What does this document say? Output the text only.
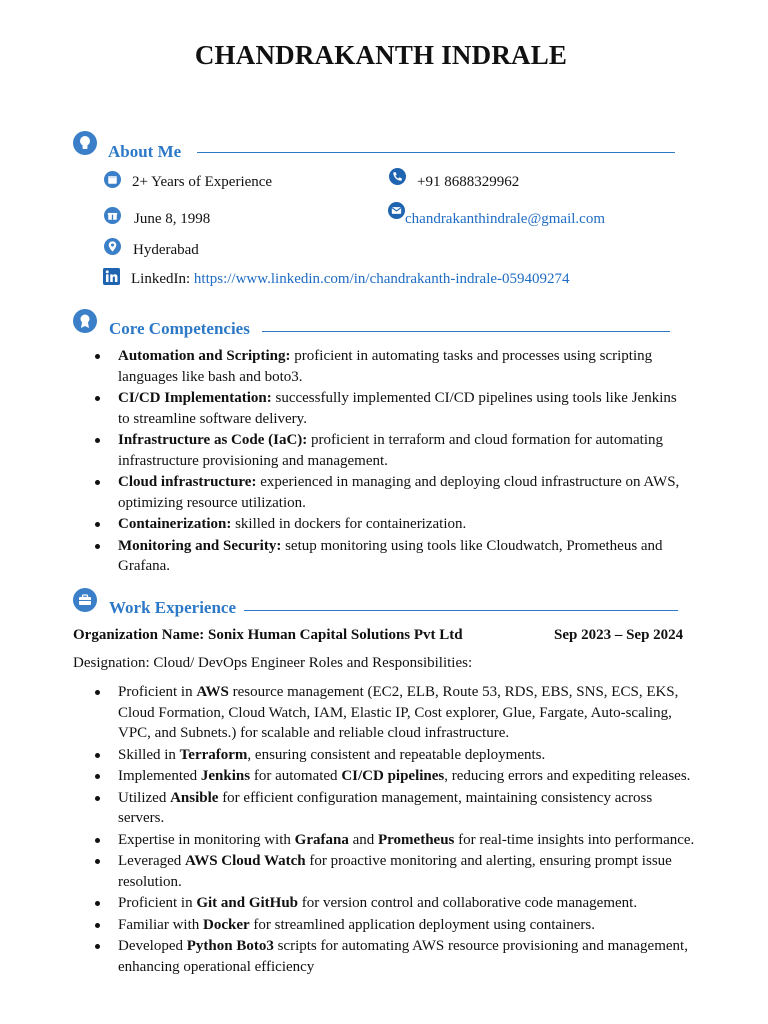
CHANDRAKANTH INDRALE
About Me
2+ Years of Experience	+91 8688329962
June 8, 1998	chandrakanthindrale@gmail.com
Hyderabad
LinkedIn: https://www.linkedin.com/in/chandrakanth-indrale-059409274
Core Competencies
Automation and Scripting: proficient in automating tasks and processes using scripting languages like bash and boto3.
CI/CD Implementation: successfully implemented CI/CD pipelines using tools like Jenkins to streamline software delivery.
Infrastructure as Code (IaC): proficient in terraform and cloud formation for automating infrastructure provisioning and management.
Cloud infrastructure: experienced in managing and deploying cloud infrastructure on AWS, optimizing resource utilization.
Containerization: skilled in dockers for containerization.
Monitoring and Security: setup monitoring using tools like Cloudwatch, Prometheus and Grafana.
Work Experience
Organization Name: Sonix Human Capital Solutions Pvt Ltd	Sep 2023 – Sep 2024
Designation: Cloud/ DevOps Engineer Roles and Responsibilities:
Proficient in AWS resource management (EC2, ELB, Route 53, RDS, EBS, SNS, ECS, EKS, Cloud Formation, Cloud Watch, IAM, Elastic IP, Cost explorer, Glue, Fargate, Auto-scaling, VPC, and Subnets.) for scalable and reliable cloud infrastructure.
Skilled in Terraform, ensuring consistent and repeatable deployments.
Implemented Jenkins for automated CI/CD pipelines, reducing errors and expediting releases.
Utilized Ansible for efficient configuration management, maintaining consistency across servers.
Expertise in monitoring with Grafana and Prometheus for real-time insights into performance.
Leveraged AWS Cloud Watch for proactive monitoring and alerting, ensuring prompt issue resolution.
Proficient in Git and GitHub for version control and collaborative code management.
Familiar with Docker for streamlined application deployment using containers.
Developed Python Boto3 scripts for automating AWS resource provisioning and management, enhancing operational efficiency
